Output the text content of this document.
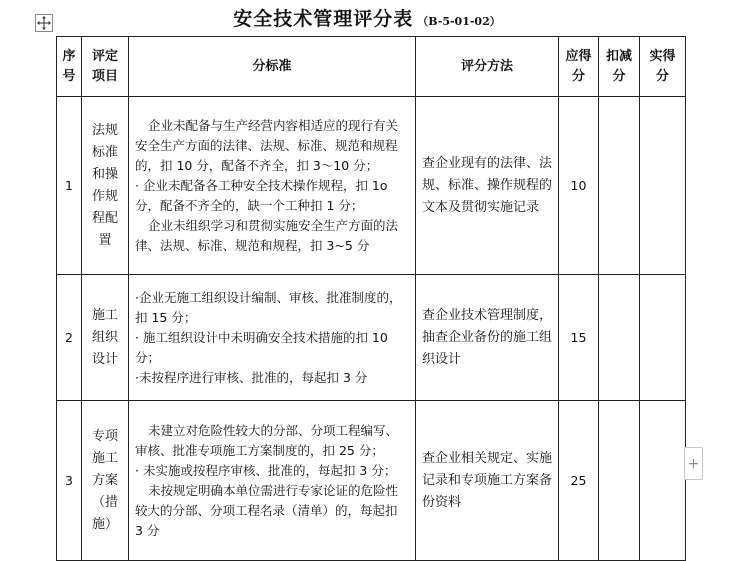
安全技术管理评分表 （B-5-01-02）
序号	评定项目	分标准	评分方法	应得分	扣减分	实得分
1	法规标准和操作规程配置	企业未配备与生产经营内容相适应的现行有关安全生产方面的法律、法规、标准、规范和规程的，扣 10 分，配备不齐全，扣 3～10 分；

· 企业未配备各工种安全技术操作规程，扣 1o 分，配备不齐全的，缺一个工种扣 1 分；

企业未组织学习和贯彻实施安全生产方面的法律、法规、标准、规范和规程，扣 3~5 分	查企业现有的法律、法规、标准、操作规程的文本及贯彻实施记录	10		
2	施工组织设计	·企业无施工组织设计编制、审核、批准制度的，扣 15 分；

· 施工组织设计中未明确安全技术措施的扣 10 分；

·未按程序进行审核、批准的，每起扣 3 分	查企业技术管理制度，抽查企业备份的施工组织设计	15		
3	专项施工方案（措施）	未建立对危险性较大的分部、分项工程编写、审核、批准专项施工方案制度的，扣 25 分；

· 未实施或按程序审核、批准的，每起扣 3 分；

未按规定明确本单位需进行专家论证的危险性较大的分部、分项工程名录（清单）的，每起扣 3 分	查企业相关规定、实施记录和专项施工方案备份资料	25		
+
